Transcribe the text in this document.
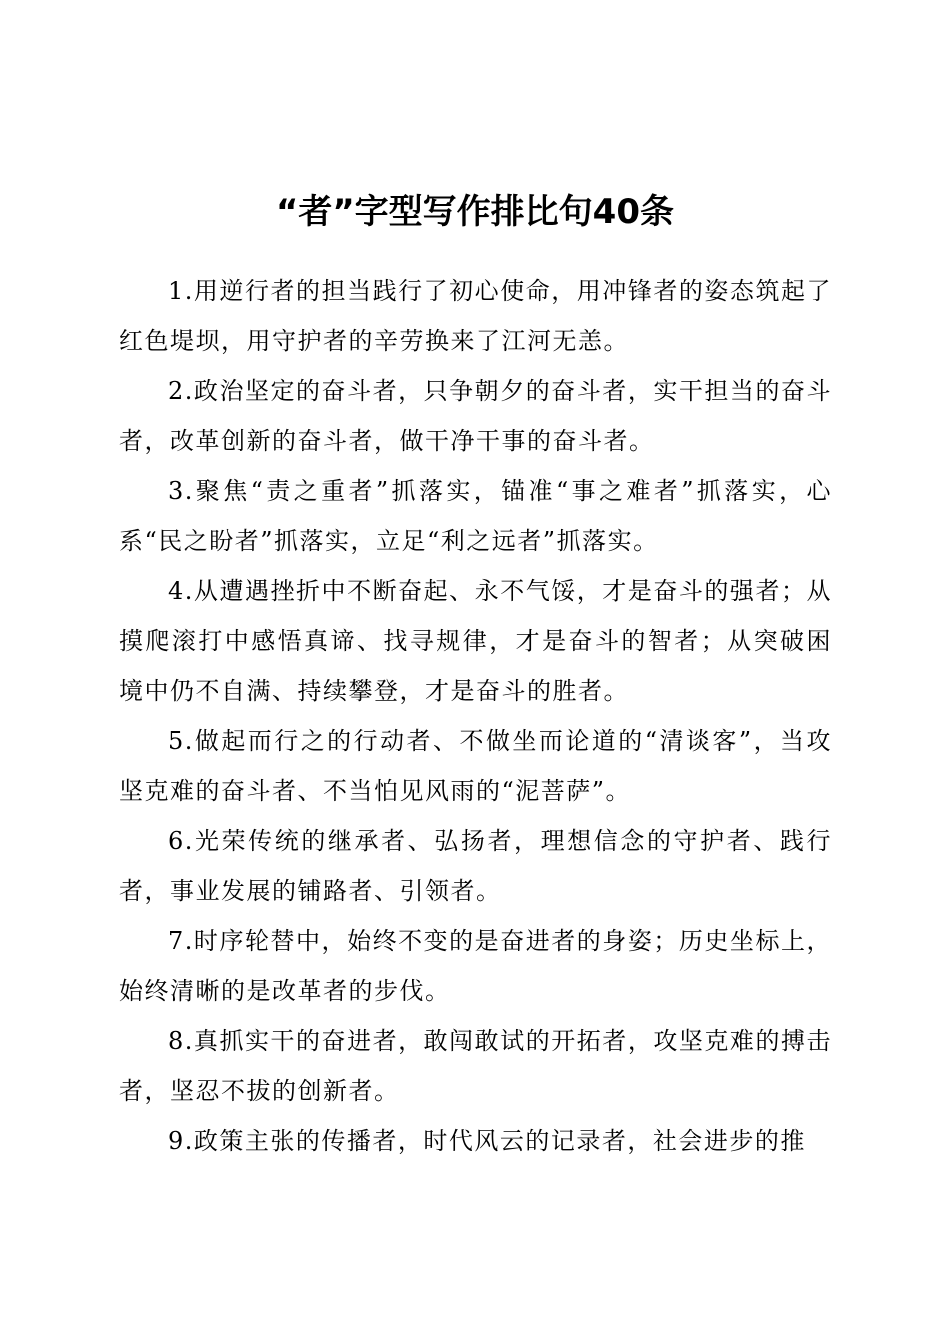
“者”字型写作排比句40条

1.用逆行者的担当践行了初心使命，用冲锋者的姿态筑起了红色堤坝，用守护者的辛劳换来了江河无恙。

2.政治坚定的奋斗者，只争朝夕的奋斗者，实干担当的奋斗者，改革创新的奋斗者，做干净干事的奋斗者。

3.聚焦“责之重者”抓落实，锚准“事之难者”抓落实，心系“民之盼者”抓落实，立足“利之远者”抓落实。

4.从遭遇挫折中不断奋起、永不气馁，才是奋斗的强者；从摸爬滚打中感悟真谛、找寻规律，才是奋斗的智者；从突破困境中仍不自满、持续攀登，才是奋斗的胜者。

5.做起而行之的行动者、不做坐而论道的“清谈客”，当攻坚克难的奋斗者、不当怕见风雨的“泥菩萨”。

6.光荣传统的继承者、弘扬者，理想信念的守护者、践行者，事业发展的铺路者、引领者。

7.时序轮替中，始终不变的是奋进者的身姿；历史坐标上，始终清晰的是改革者的步伐。

8.真抓实干的奋进者，敢闯敢试的开拓者，攻坚克难的搏击者，坚忍不拔的创新者。

9.政策主张的传播者，时代风云的记录者，社会进步的推
